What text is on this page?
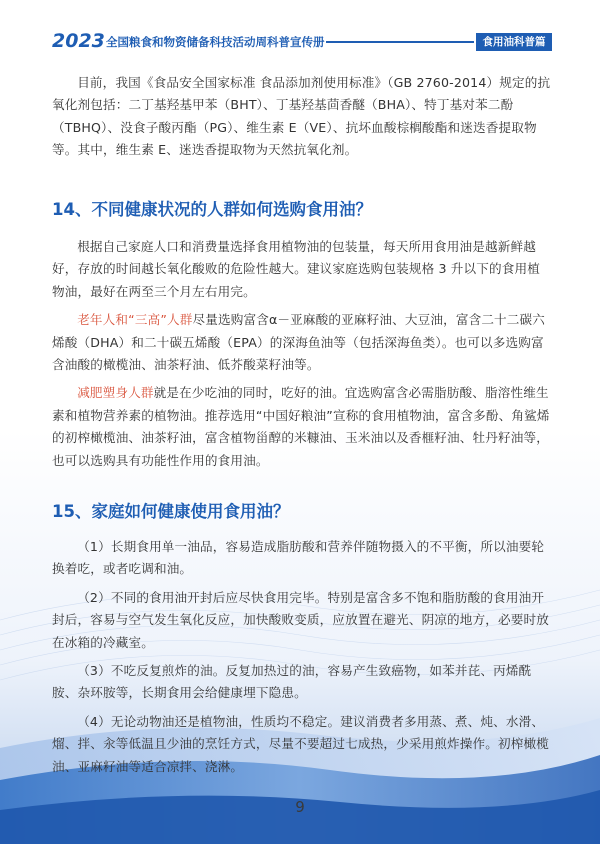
2023 全国粮食和物资储备科技活动周科普宣传册	食用油科普篇

目前，我国《食品安全国家标准 食品添加剂使用标准》（GB 2760-2014）规定的抗氧化剂包括：二丁基羟基甲苯（BHT）、丁基羟基茴香醚（BHA）、特丁基对苯二酚（TBHQ）、没食子酸丙酯（PG）、维生素 E（VE）、抗坏血酸棕榈酸酯和迷迭香提取物等。其中，维生素 E、迷迭香提取物为天然抗氧化剂。

14、不同健康状况的人群如何选购食用油？

根据自己家庭人口和消费量选择食用植物油的包装量，每天所用食用油是越新鲜越好，存放的时间越长氧化酸败的危险性越大。建议家庭选购包装规格 3 升以下的食用植物油，最好在两至三个月左右用完。

老年人和“三高”人群尽量选购富含α－亚麻酸的亚麻籽油、大豆油，富含二十二碳六烯酸（DHA）和二十碳五烯酸（EPA）的深海鱼油等（包括深海鱼类）。也可以多选购富含油酸的橄榄油、油茶籽油、低芥酸菜籽油等。

减肥塑身人群就是在少吃油的同时，吃好的油。宜选购富含必需脂肪酸、脂溶性维生素和植物营养素的植物油。推荐选用“中国好粮油”宣称的食用植物油，富含多酚、角鲨烯的初榨橄榄油、油茶籽油，富含植物甾醇的米糠油、玉米油以及香榧籽油、牡丹籽油等，也可以选购具有功能性作用的食用油。

15、家庭如何健康使用食用油？

（1）长期食用单一油品，容易造成脂肪酸和营养伴随物摄入的不平衡，所以油要轮换着吃，或者吃调和油。

（2）不同的食用油开封后应尽快食用完毕。特别是富含多不饱和脂肪酸的食用油开封后，容易与空气发生氧化反应，加快酸败变质，应放置在避光、阴凉的地方，必要时放在冰箱的冷藏室。

（3）不吃反复煎炸的油。反复加热过的油，容易产生致癌物，如苯并芘、丙烯酰胺、杂环胺等，长期食用会给健康埋下隐患。

（4）无论动物油还是植物油，性质均不稳定。建议消费者多用蒸、煮、炖、水滑、熘、拌、汆等低温且少油的烹饪方式，尽量不要超过七成热，少采用煎炸操作。初榨橄榄油、亚麻籽油等适合凉拌、浇淋。

9
